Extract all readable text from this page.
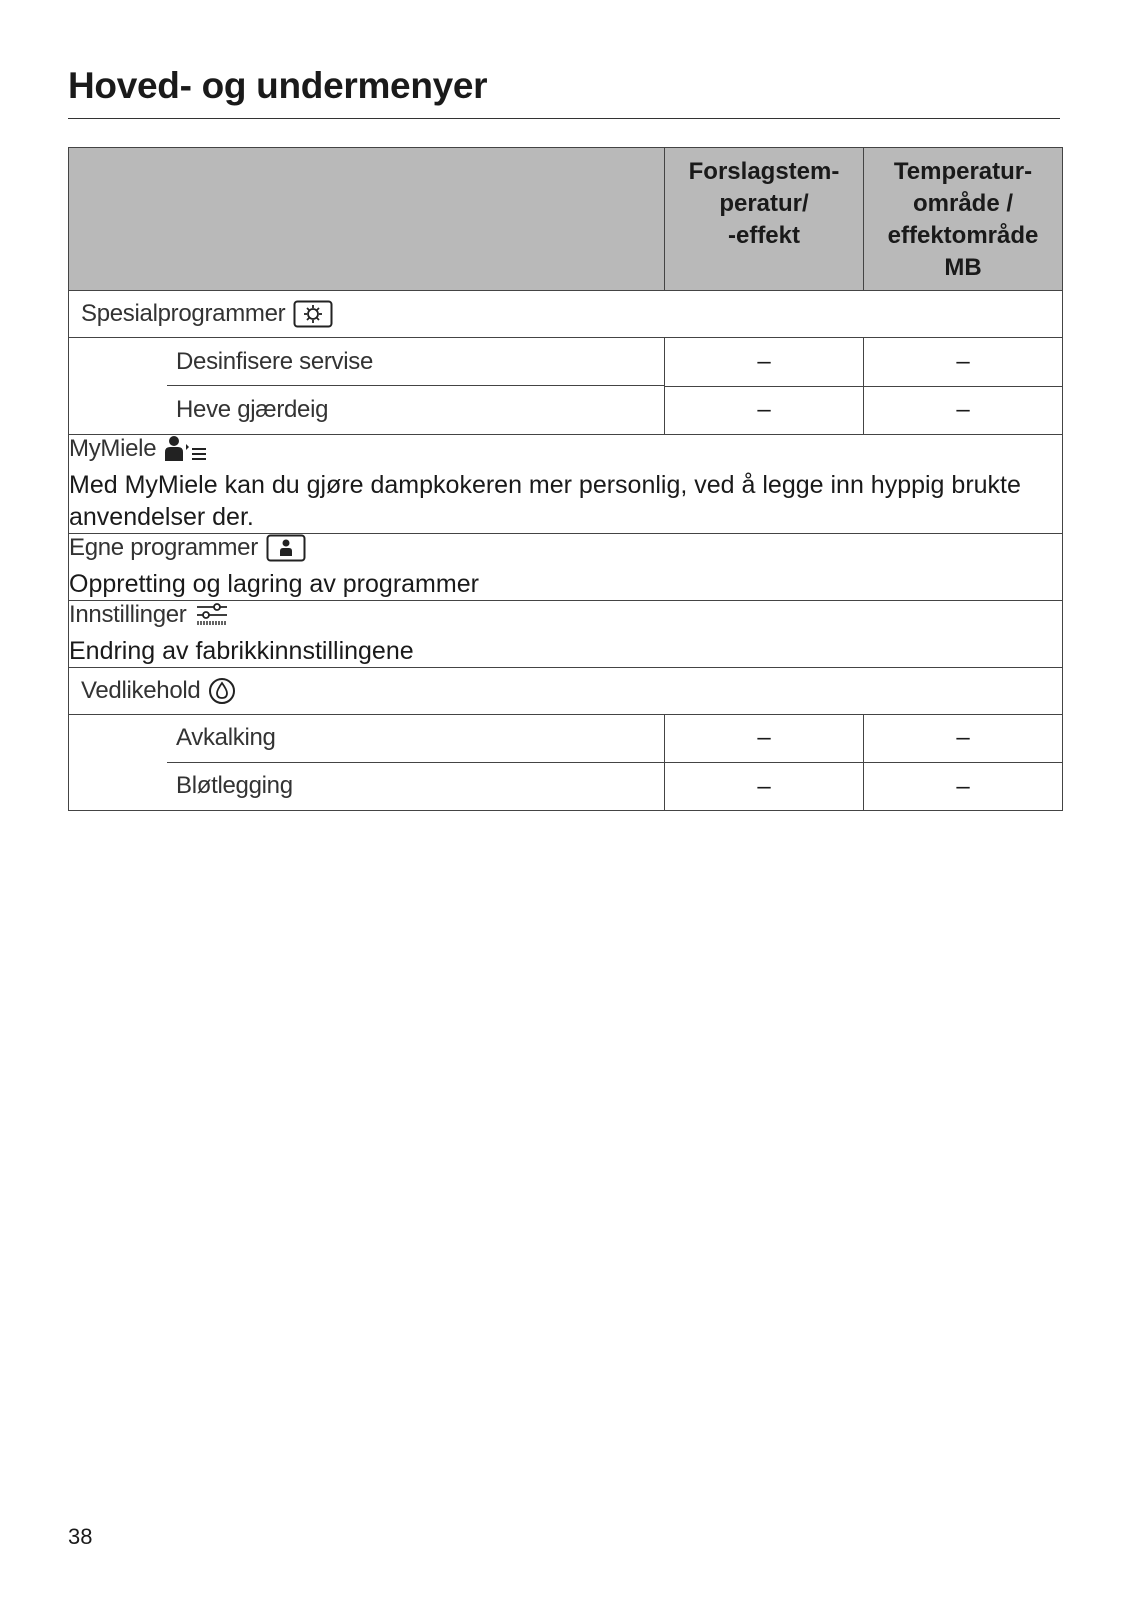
Hoved- og undermenyer
	Forslagstem-
peratur/
-effekt	Temperatur-
område /
effektområde
MB

Spesialprogrammer		

Desinfisere servise	–	–

Heve gjærdeig	–	–

MyMiele
Med MyMiele kan du gjøre dampkokeren mer personlig, ved å legge inn hyppig brukte anvendelser der.		

Egne programmer
Oppretting og lagring av programmer		

Innstillinger
Endring av fabrikkinnstillingene		

Vedlikehold		

Avkalking	–	–

Bløtlegging	–	–
38
